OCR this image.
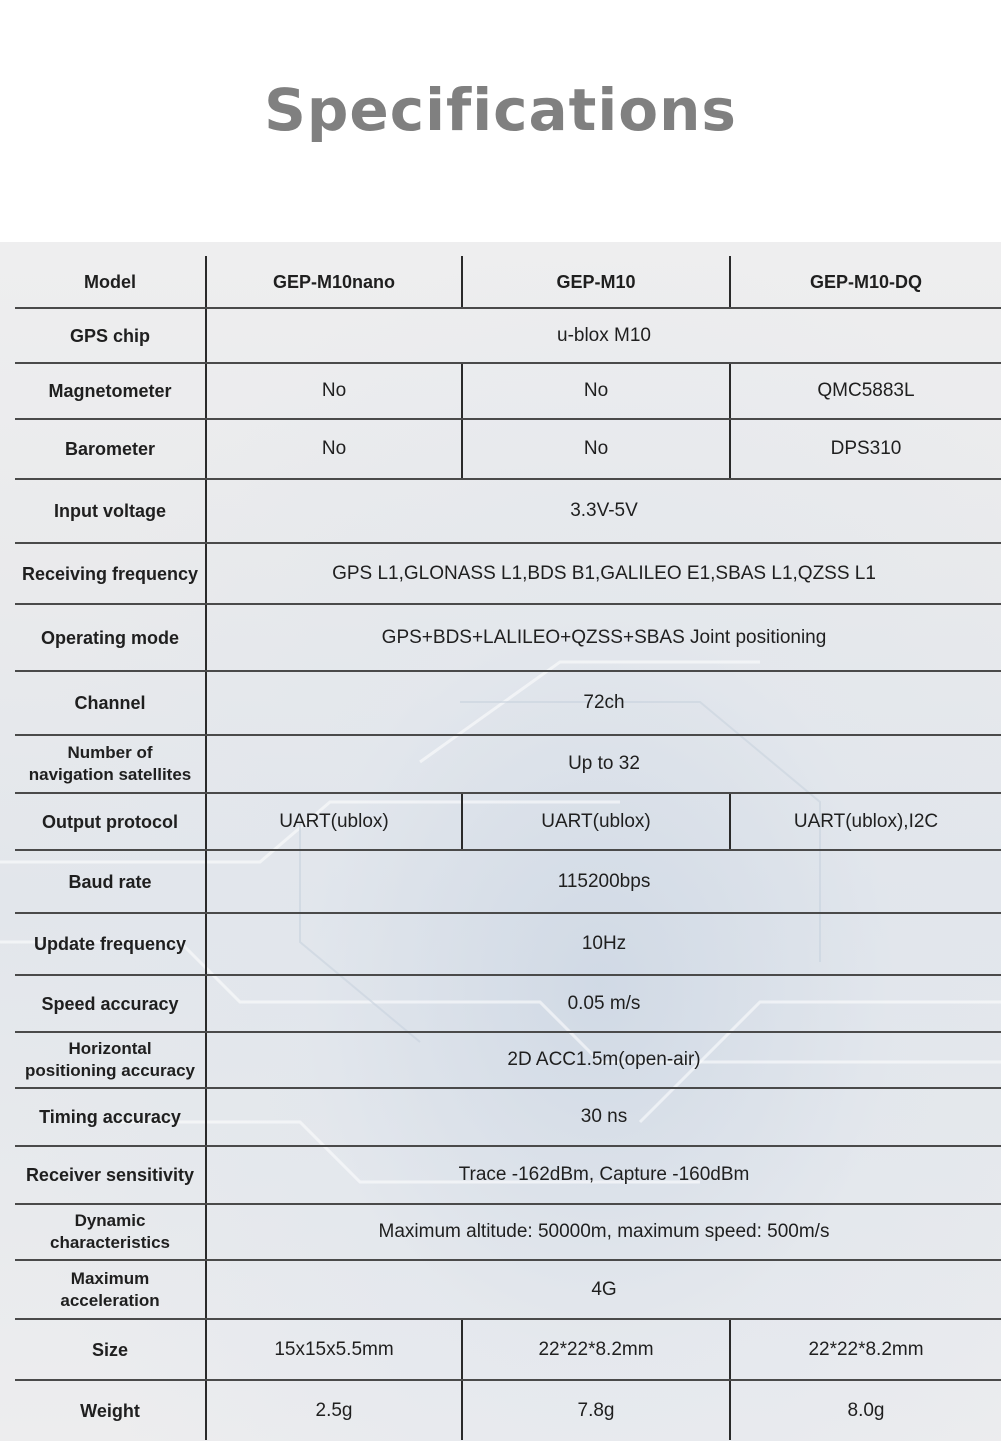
Specifications
Model	GEP-M10nano	GEP-M10	GEP-M10-DQ
GPS chip	u-blox M10		
Magnetometer	No	No	QMC5883L
Barometer	No	No	DPS310
Input voltage	3.3V-5V		
Receiving frequency	GPS L1,GLONASS L1,BDS B1,GALILEO E1,SBAS L1,QZSS L1		
Operating mode	GPS+BDS+LALILEO+QZSS+SBAS Joint positioning		
Channel	72ch		

Number of
navigation satellites	Up to 32		
Output protocol	UART(ublox)	UART(ublox)	UART(ublox),I2C
Baud rate	115200bps		
Update frequency	10Hz		
Speed accuracy	0.05 m/s		

Horizontal
positioning accuracy	2D ACC1.5m(open-air)		
Timing accuracy	30 ns		
Receiver sensitivity	Trace -162dBm, Capture -160dBm		

Dynamic
characteristics	Maximum altitude: 50000m, maximum speed: 500m/s		

Maximum
acceleration	4G		
Size	15x15x5.5mm	22*22*8.2mm	22*22*8.2mm
Weight	2.5g	7.8g	8.0g
